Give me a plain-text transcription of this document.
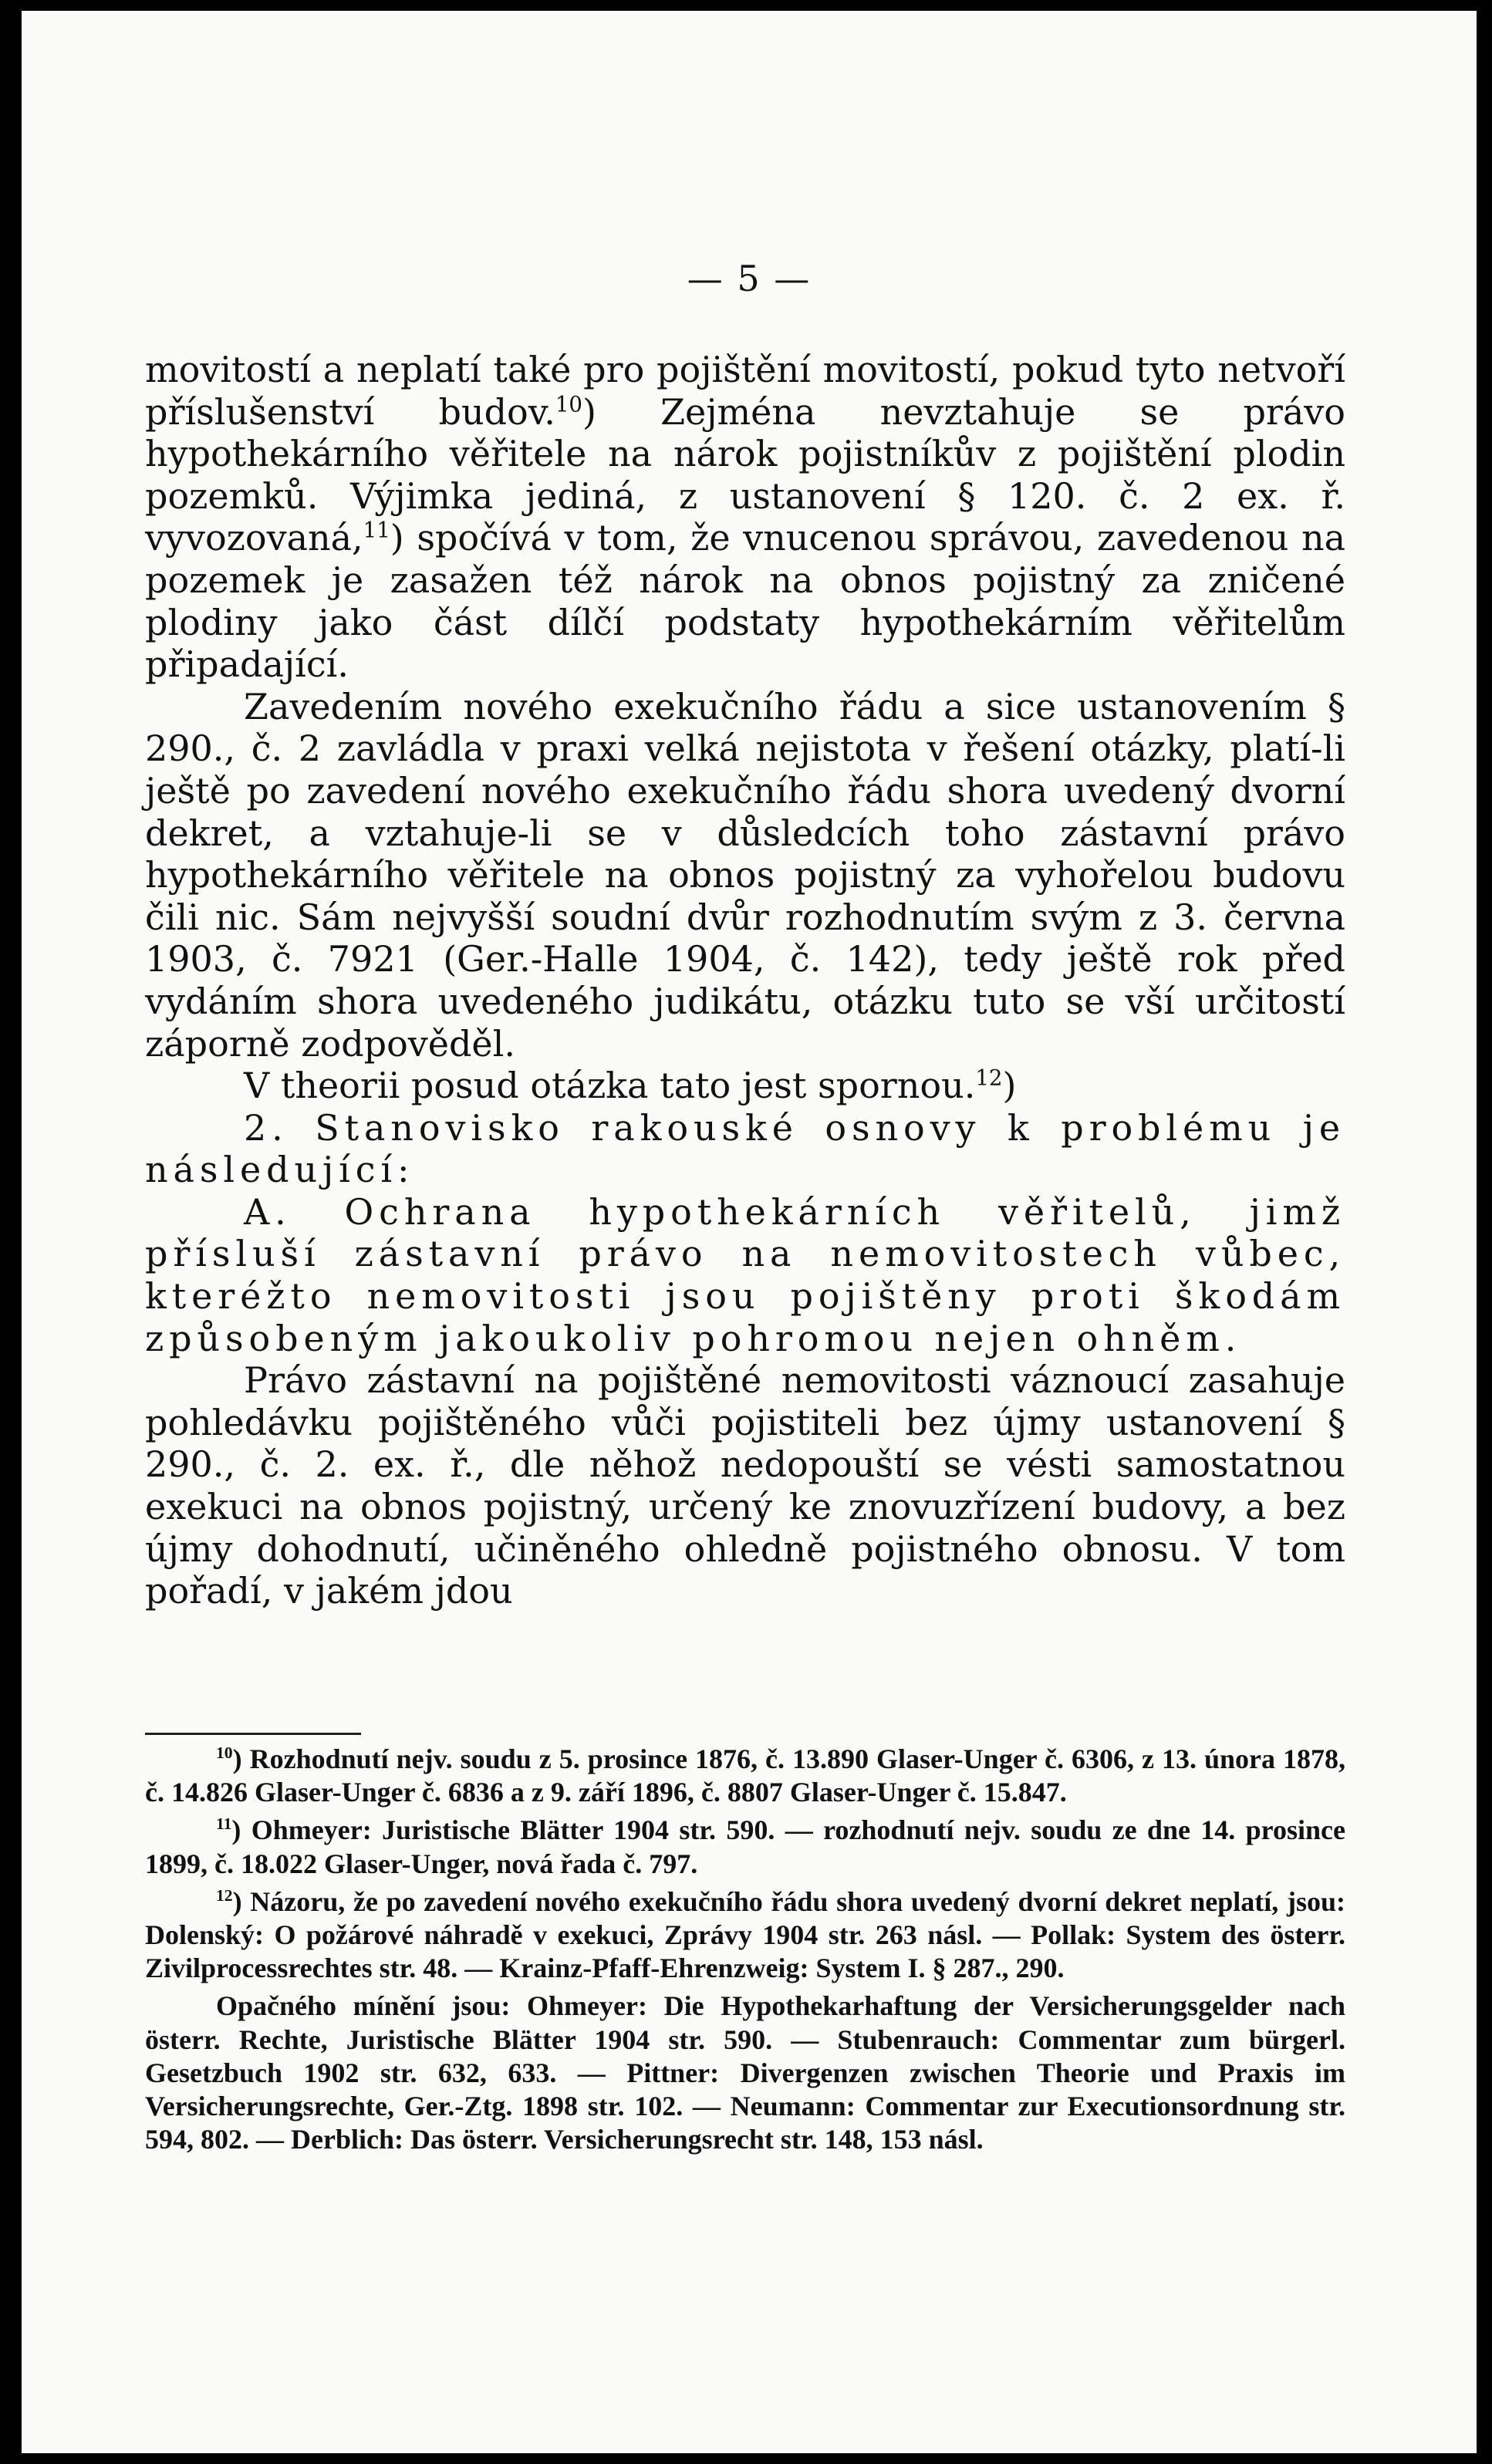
— 5 —

movitostí a neplatí také pro pojištění movitostí, pokud tyto netvoří příslušenství budov.$^{10}$) Zejména nevztahuje se právo hypothekárního věřitele na nárok pojistníkův z pojištění plodin pozemků. Výjimka jediná, z ustanovení § 120. č. 2 ex. ř. vyvozovaná,$^{11}$) spočívá v tom, že vnucenou správou, zavedenou na pozemek je zasažen též nárok na obnos pojistný za zničené plodiny jako část dílčí podstaty hypothekárním věřitelům připadající.

Zavedením nového exekučního řádu a sice ustanovením § 290., č. 2 zavládla v praxi velká nejistota v řešení otázky, platí-li ještě po zavedení nového exekučního řádu shora uvedený dvorní dekret, a vztahuje-li se v důsledcích toho zástavní právo hypothekárního věřitele na obnos pojistný za vyhořelou budovu čili nic. Sám nejvyšší soudní dvůr rozhodnutím svým z 3. června 1903, č. 7921 (Ger.-Halle 1904, č. 142), tedy ještě rok před vydáním shora uvedeného judikátu, otázku tuto se vší určitostí záporně zodpověděl.

V theorii posud otázka tato jest spornou.$^{12}$)

2. Stanovisko rakouské osnovy k problému je následující:

A. Ochrana hypothekárních věřitelů, jimž přísluší zástavní právo na nemovitostech vůbec, kteréžto nemovitosti jsou pojištěny proti škodám způsobeným jakoukoliv pohromou nejen ohněm.

Právo zástavní na pojištěné nemovitosti váznoucí zasahuje pohledávku pojištěného vůči pojistiteli bez újmy ustanovení § 290., č. 2. ex. ř., dle něhož nedopouští se vésti samostatnou exekuci na obnos pojistný, určený ke znovuzřízení budovy, a bez újmy dohodnutí, učiněného ohledně pojistného obnosu. V tom pořadí, v jakém jdou

$^{10}$) Rozhodnutí nejv. soudu z 5. prosince 1876, č. 13.890 Glaser-Unger č. 6306, z 13. února 1878, č. 14.826 Glaser-Unger č. 6836 a z 9. září 1896, č. 8807 Glaser-Unger č. 15.847.

$^{11}$) Ohmeyer: Juristische Blätter 1904 str. 590. — rozhodnutí nejv. soudu ze dne 14. prosince 1899, č. 18.022 Glaser-Unger, nová řada č. 797.

$^{12}$) Názoru, že po zavedení nového exekučního řádu shora uvedený dvorní dekret neplatí, jsou: Dolenský: O požárové náhradě v exekuci, Zprávy 1904 str. 263 násl. — Pollak: System des österr. Zivilprocessrechtes str. 48. — Krainz-Pfaff-Ehrenzweig: System I. § 287., 290.

Opačného mínění jsou: Ohmeyer: Die Hypothekarhaftung der Versicherungsgelder nach österr. Rechte, Juristische Blätter 1904 str. 590. — Stubenrauch: Commentar zum bürgerl. Gesetzbuch 1902 str. 632, 633. — Pittner: Divergenzen zwischen Theorie und Praxis im Versicherungsrechte, Ger.-Ztg. 1898 str. 102. — Neumann: Commentar zur Executionsordnung str. 594, 802. — Derblich: Das österr. Versicherungsrecht str. 148, 153 násl.
